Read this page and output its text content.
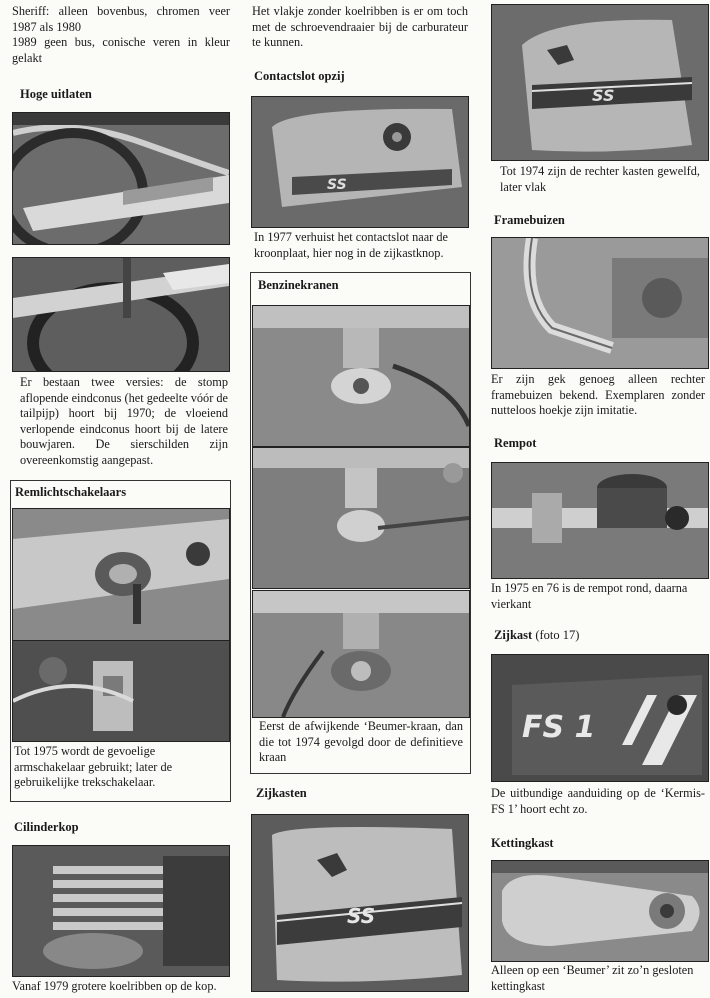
Sheriff: alleen bovenbus, chromen veer 1987 als 1980
1989 geen bus, conische veren in kleur gelakt
Hoge uitlaten
Er bestaan twee versies: de stomp aflopende eindconus (het gedeelte vóór de tailpijp) hoort bij 1970; de vloeiend verlopende eindconus hoort bij de latere bouwjaren. De sierschilden zijn overeenkomstig aangepast.
Remlichtschakelaars
Tot 1975 wordt de gevoelige armschakelaar gebruikt; later de gebruikelijke trekschakelaar.
Cilinderkop
Vanaf 1979 grotere koelribben op de kop.
Het vlakje zonder koelribben is er om toch met de schroevendraaier bij de carburateur te kunnen.
Contactslot opzij
SS
In 1977 verhuist het contactslot naar de kroonplaat, hier nog in de zijkastknop.
Benzinekranen
Eerst de afwijkende ‘Beumer-kraan, dan die tot 1974 gevolgd door de definitieve kraan
Zijkasten
SS
SS
Tot 1974 zijn de rechter kasten gewelfd, later vlak
Framebuizen
Er zijn gek genoeg alleen rechter framebuizen bekend. Exemplaren zonder nutteloos hoekje zijn imitatie.
Rempot
In 1975 en 76 is de rempot rond, daarna vierkant
Zijkast (foto 17)
FS 1
De uitbundige aanduiding op de ‘Kermis-FS 1’ hoort echt zo.
Kettingkast
Alleen op een ‘Beumer’ zit zo’n gesloten kettingkast
